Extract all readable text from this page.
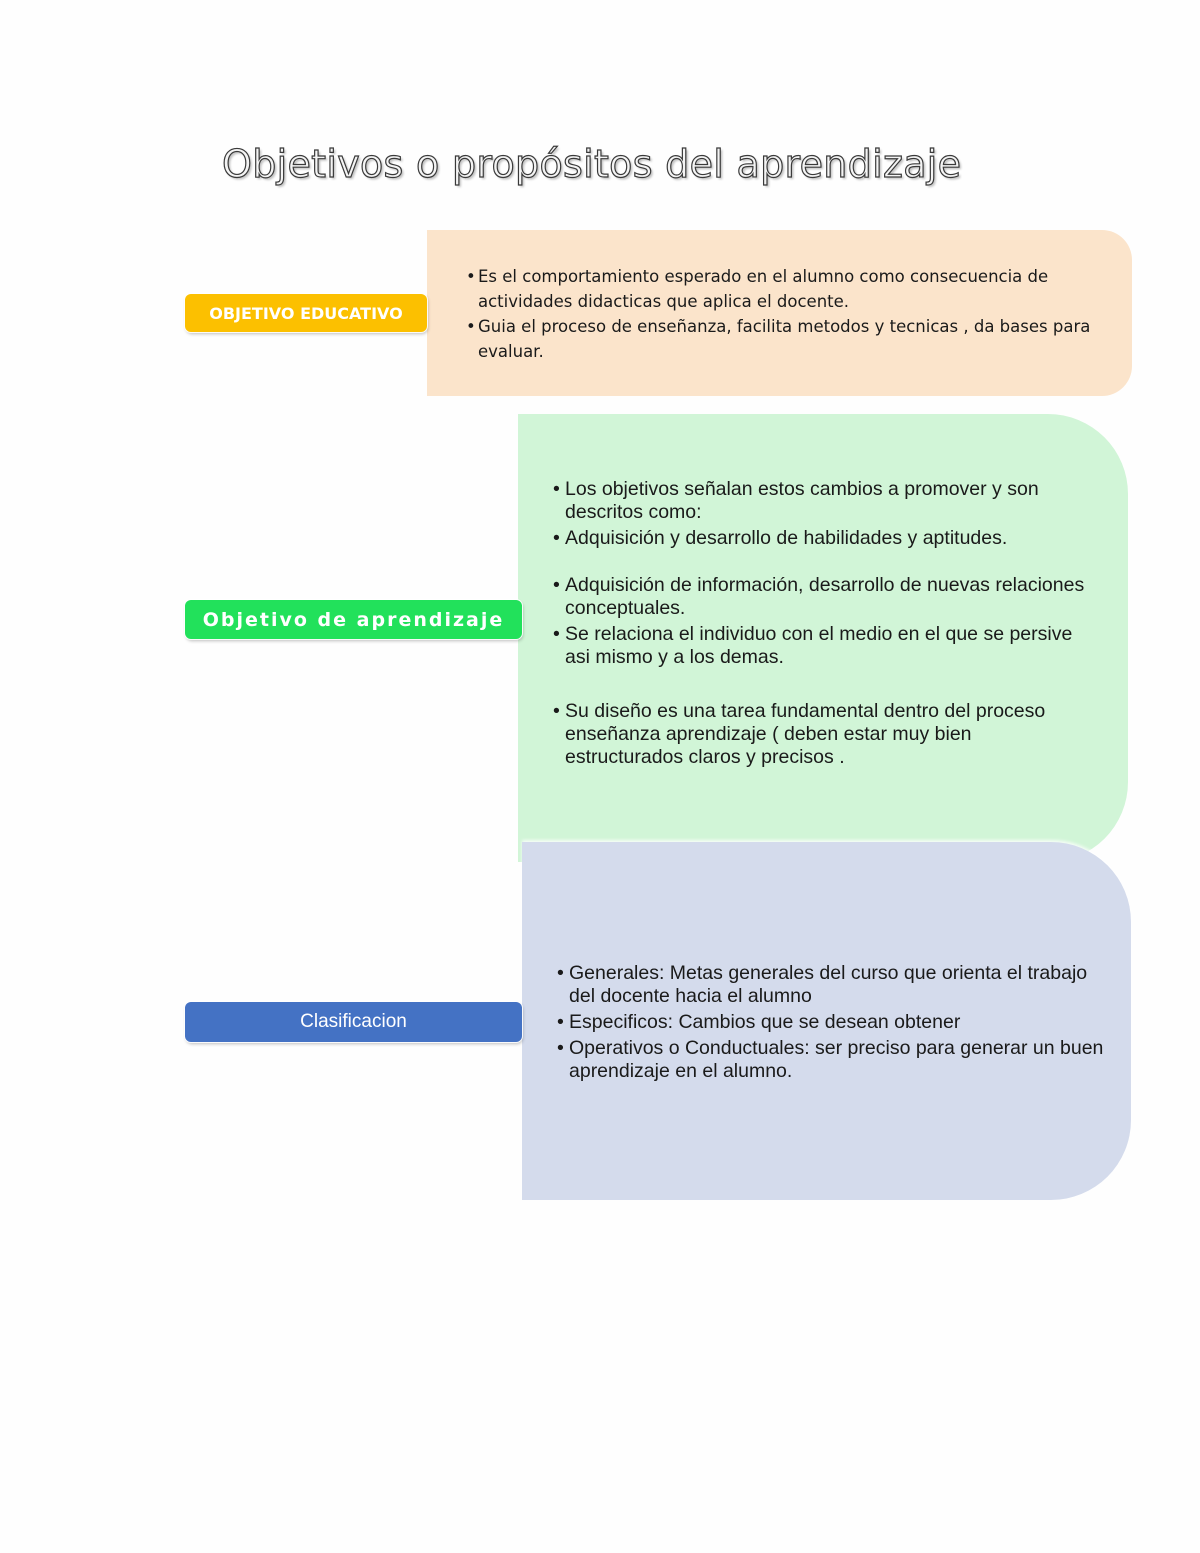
Objetivos o propósitos del aprendizaje
OBJETIVO EDUCATIVO
• Es el comportamiento esperado en el alumno como consecuencia de actividades didacticas que aplica el docente.
• Guia el proceso de enseñanza, facilita metodos y tecnicas , da bases para evaluar.
Objetivo de aprendizaje
• Los objetivos señalan estos cambios a promover y son descritos como:
• Adquisición y desarrollo de habilidades y aptitudes.
• Adquisición de información, desarrollo de nuevas relaciones conceptuales.
• Se relaciona el individuo con el medio en el que se persive asi mismo y a los demas.
• Su diseño es una tarea fundamental dentro del proceso enseñanza aprendizaje ( deben estar muy bien estructurados claros y precisos .
Clasificacion
• Generales: Metas generales del curso que orienta el trabajo del docente hacia el alumno
• Especificos: Cambios que se desean obtener
• Operativos o Conductuales: ser preciso para generar un buen aprendizaje en el alumno.
